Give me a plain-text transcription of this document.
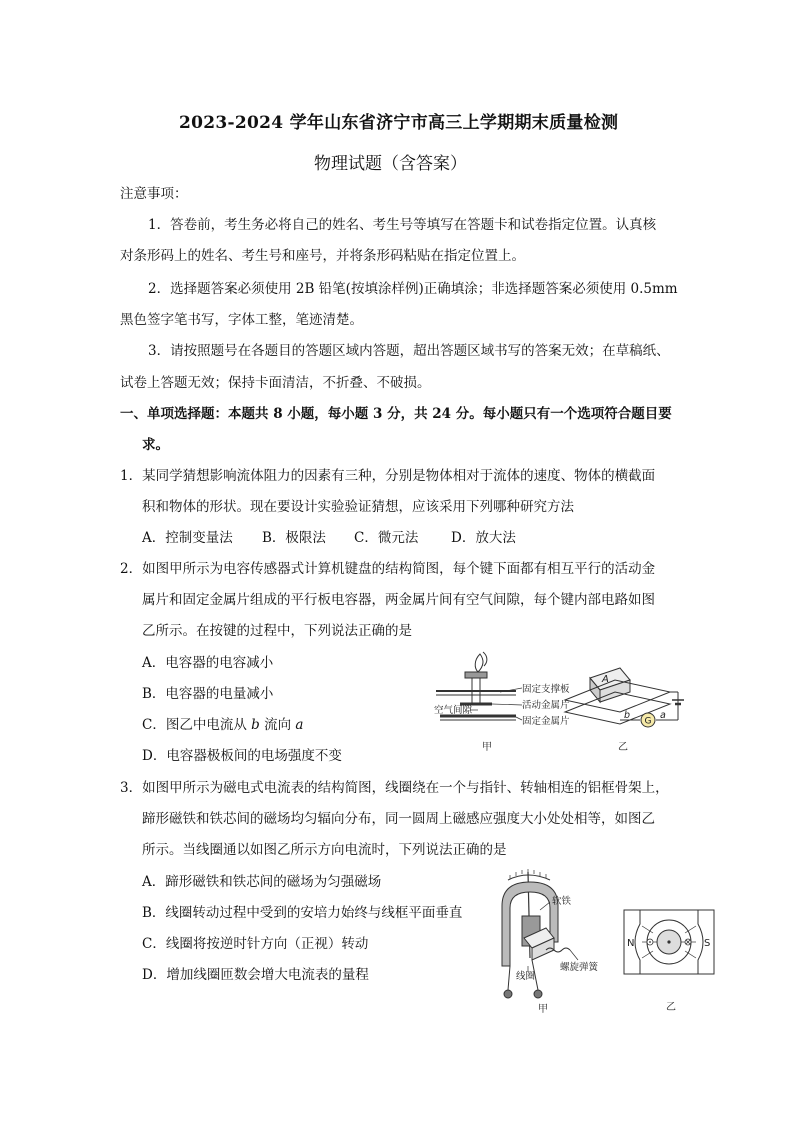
2023-2024 学年山东省济宁市高三上学期期末质量检测
物理试题（含答案）
注意事项：
1．答卷前，考生务必将自己的姓名、考生号等填写在答题卡和试卷指定位置。认真核
对条形码上的姓名、考生号和座号，并将条形码粘贴在指定位置上。
2．选择题答案必须使用 2B 铅笔(按填涂样例)正确填涂；非选择题答案必须使用 0.5mm
黑色签字笔书写，字体工整，笔迹清楚。
3．请按照题号在各题目的答题区域内答题，超出答题区域书写的答案无效；在草稿纸、
试卷上答题无效；保持卡面清洁，不折叠、不破损。
一、单项选择题：本题共 8 小题，每小题 3 分，共 24 分。每小题只有一个选项符合题目要
求。
1．某同学猜想影响流体阻力的因素有三种，分别是物体相对于流体的速度、物体的横截面
积和物体的形状。现在要设计实验验证猜想，应该采用下列哪种研究方法
A．控制变量法 B．极限法 C．微元法 D．放大法
2．如图甲所示为电容传感器式计算机键盘的结构简图，每个键下面都有相互平行的活动金
属片和固定金属片组成的平行板电容器，两金属片间有空气间隙，每个键内部电路如图
乙所示。在按键的过程中，下列说法正确的是
A．电容器的电容减小
B．电容器的电量减小
C．图乙中电流从 b 流向 a
D．电容器极板间的电场强度不变
固定支撑板
空气间隙	活动金属片
固定金属片
甲
A
G
b	a
乙
3．如图甲所示为磁电式电流表的结构简图，线圈绕在一个与指针、转轴相连的铝框骨架上，
蹄形磁铁和铁芯间的磁场均匀辐向分布，同一圆周上磁感应强度大小处处相等，如图乙
所示。当线圈通以如图乙所示方向电流时，下列说法正确的是
A．蹄形磁铁和铁芯间的磁场为匀强磁场
B．线圈转动过程中受到的安培力始终与线框平面垂直
C．线圈将按逆时针方向（正视）转动
D．增加线圈匝数会增大电流表的量程
软铁
螺旋弹簧
线圈
甲
N	S
乙
